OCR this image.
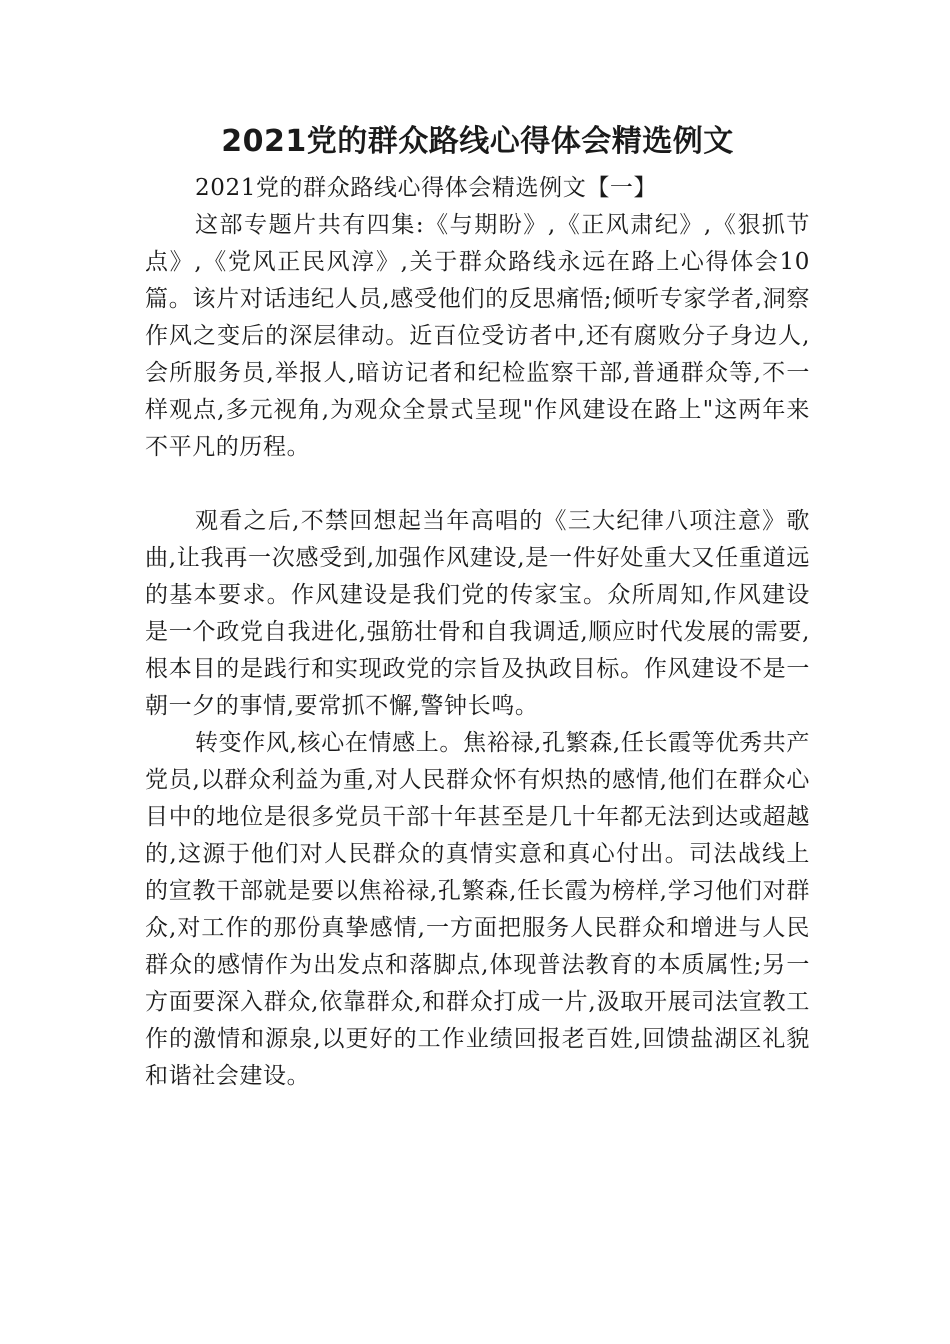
2021党的群众路线心得体会精选例文

2021党的群众路线心得体会精选例文【一】

这部专题片共有四集:《与期盼》,《正风肃纪》,《狠抓节点》,《党风正民风淳》,关于群众路线永远在路上心得体会10篇。该片对话违纪人员,感受他们的反思痛悟;倾听专家学者,洞察作风之变后的深层律动。近百位受访者中,还有腐败分子身边人,会所服务员,举报人,暗访记者和纪检监察干部,普通群众等,不一样观点,多元视角,为观众全景式呈现"作风建设在路上"这两年来不平凡的历程。

观看之后,不禁回想起当年高唱的《三大纪律八项注意》歌曲,让我再一次感受到,加强作风建设,是一件好处重大又任重道远的基本要求。作风建设是我们党的传家宝。众所周知,作风建设是一个政党自我进化,强筋壮骨和自我调适,顺应时代发展的需要,根本目的是践行和实现政党的宗旨及执政目标。作风建设不是一朝一夕的事情,要常抓不懈,警钟长鸣。

转变作风,核心在情感上。焦裕禄,孔繁森,任长霞等优秀共产党员,以群众利益为重,对人民群众怀有炽热的感情,他们在群众心目中的地位是很多党员干部十年甚至是几十年都无法到达或超越的,这源于他们对人民群众的真情实意和真心付出。司法战线上的宣教干部就是要以焦裕禄,孔繁森,任长霞为榜样,学习他们对群众,对工作的那份真挚感情,一方面把服务人民群众和增进与人民群众的感情作为出发点和落脚点,体现普法教育的本质属性;另一方面要深入群众,依靠群众,和群众打成一片,汲取开展司法宣教工作的激情和源泉,以更好的工作业绩回报老百姓,回馈盐湖区礼貌和谐社会建设。
